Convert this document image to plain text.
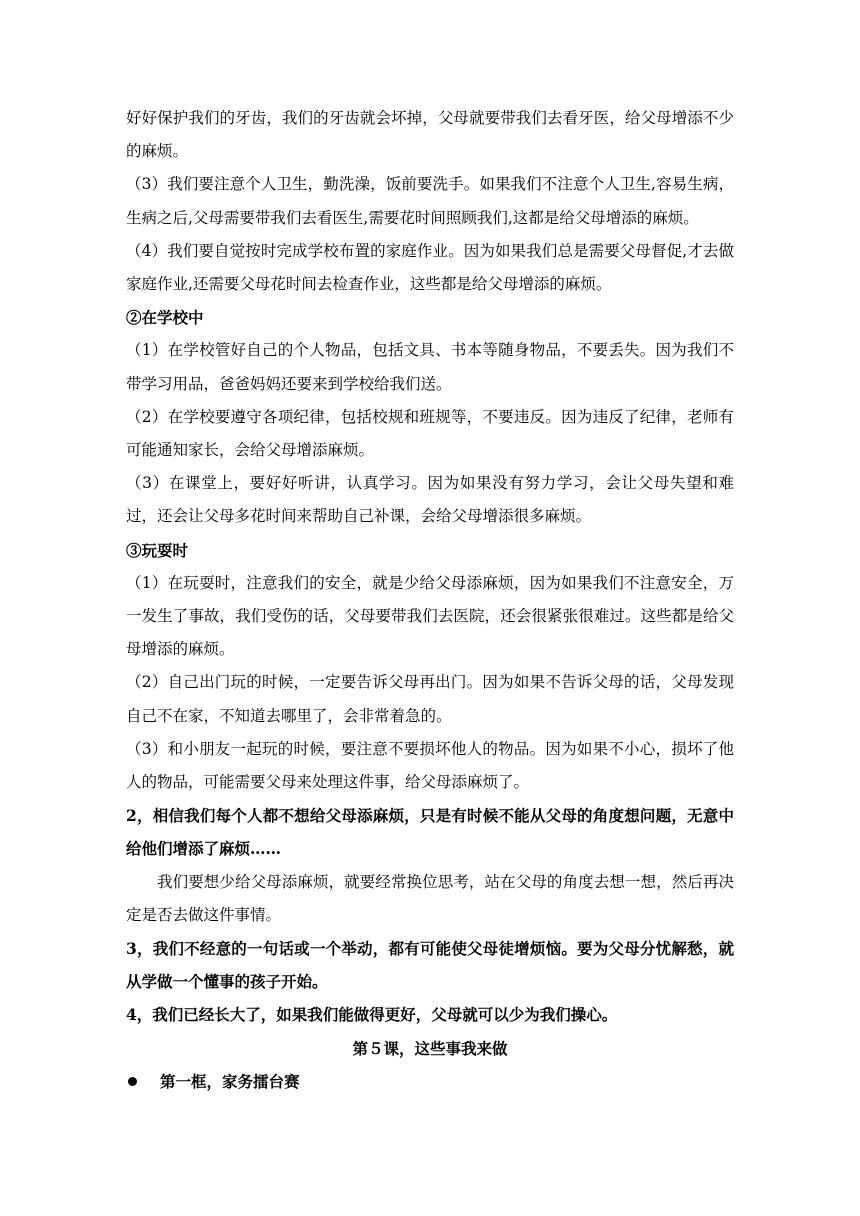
好好保护我们的牙齿，我们的牙齿就会坏掉，父母就要带我们去看牙医，给父母增添不少的麻烦。

（3）我们要注意个人卫生，勤洗澡，饭前要洗手。如果我们不注意个人卫生,容易生病，生病之后,父母需要带我们去看医生,需要花时间照顾我们,这都是给父母增添的麻烦。

（4）我们要自觉按时完成学校布置的家庭作业。因为如果我们总是需要父母督促,才去做家庭作业,还需要父母花时间去检查作业，这些都是给父母增添的麻烦。

②在学校中

（1）在学校管好自己的个人物品，包括文具、书本等随身物品，不要丢失。因为我们不带学习用品，爸爸妈妈还要来到学校给我们送。

（2）在学校要遵守各项纪律，包括校规和班规等，不要违反。因为违反了纪律，老师有可能通知家长，会给父母增添麻烦。

（3）在课堂上，要好好听讲，认真学习。因为如果没有努力学习，会让父母失望和难过，还会让父母多花时间来帮助自己补课，会给父母增添很多麻烦。

③玩耍时

（1）在玩耍时，注意我们的安全，就是少给父母添麻烦，因为如果我们不注意安全，万一发生了事故，我们受伤的话，父母要带我们去医院，还会很紧张很难过。这些都是给父母增添的麻烦。

（2）自己出门玩的时候，一定要告诉父母再出门。因为如果不告诉父母的话，父母发现自己不在家，不知道去哪里了，会非常着急的。

（3）和小朋友一起玩的时候，要注意不要损坏他人的物品。因为如果不小心，损坏了他人的物品，可能需要父母来处理这件事，给父母添麻烦了。

2，相信我们每个人都不想给父母添麻烦，只是有时候不能从父母的角度想问题，无意中给他们增添了麻烦……

我们要想少给父母添麻烦，就要经常换位思考，站在父母的角度去想一想，然后再决定是否去做这件事情。

3，我们不经意的一句话或一个举动，都有可能使父母徒增烦恼。要为父母分忧解愁，就从学做一个懂事的孩子开始。

4，我们已经长大了，如果我们能做得更好，父母就可以少为我们操心。

第５课，这些事我来做

第一框，家务擂台赛
